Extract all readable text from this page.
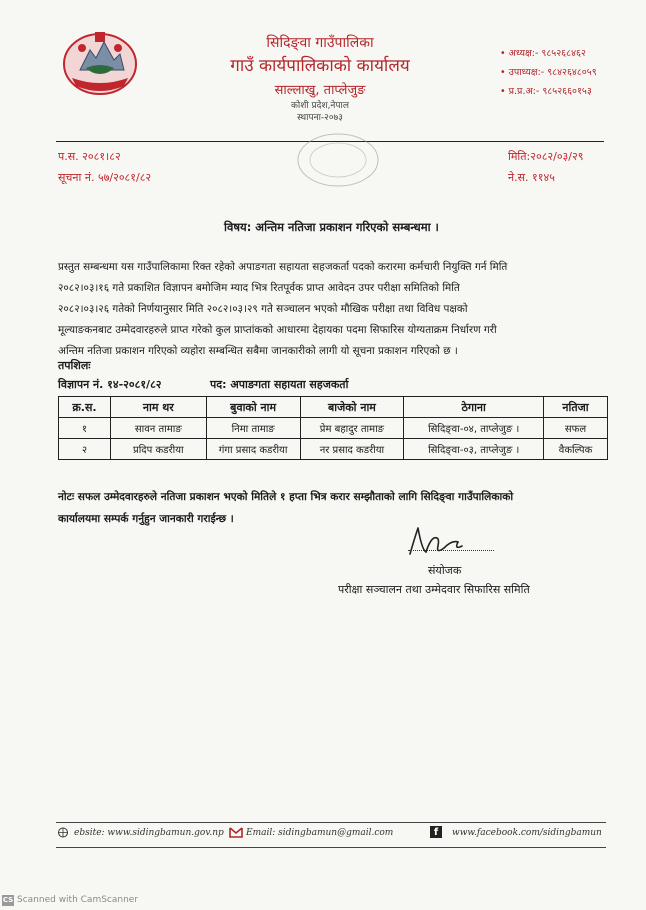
सिदिङ्वा गाउँपालिका
गाउँ कार्यपालिकाको कार्यालय
साल्लाखु, ताप्लेजुङ
कोशी प्रदेश,नेपाल
स्थापना-२०७३
• अध्यक्ष:- ९८५२६८४६२
• उपाध्यक्ष:- ९८४२६४८०५९
• प्र.प्र.अ:- ९८५२६६०१५३
प.स. २०८१।८२
सूचना नं. ५७/२०८१/८२
मिति:२०८२/०३/२९
ने.स. ११४५
विषय: अन्तिम नतिजा प्रकाशन गरिएको सम्बन्धमा ।
प्रस्तुत सम्बन्धमा यस गाउँपालिकामा रिक्त रहेको अपाङगता सहायता सहजकर्ता पदको करारमा कर्मचारी नियुक्ति गर्न मिति
२०८२।०३।१६ गते प्रकाशित विज्ञापन बमोजिम म्याद भित्र रितपूर्वक प्राप्त आवेदन उपर परीक्षा समितिको मिति
२०८२।०३।२६ गतेको निर्णयानुसार मिति २०८२।०३।२९ गते सञ्चालन भएको मौखिक परीक्षा तथा विविध पक्षको
मूल्याङकनबाट उम्मेदवारहरुले प्राप्त गरेको कुल प्राप्तांकको आधारमा देहायका पदमा सिफारिस योग्यताक्रम निर्धारण गरी
अन्तिम नतिजा प्रकाशन गरिएको व्यहोरा सम्बन्धित सबैमा जानकारीको लागी यो सूचना प्रकाशन गरिएको छ ।
तपशिलः
विज्ञापन नं. १४-२०८१/८२	पद: अपाङगता सहायता सहजकर्ता
क्र.स.	नाम थर	बुवाको नाम	बाजेको नाम	ठेगाना	नतिजा
१	सावन तामाङ	निमा तामाङ	प्रेम बहादुर तामाङ	सिदिङ्वा-०४, ताप्लेजुङ ।	सफल
२	प्रदिप कडरीया	गंगा प्रसाद कडरीया	नर प्रसाद कडरीया	सिदिङ्वा-०३, ताप्लेजुङ ।	वैकल्पिक
नोटः सफल उम्मेदवारहरुले नतिजा प्रकाशन भएको मितिले १ हप्ता भित्र करार सम्झौताको लागि सिदिङ्वा गाउँपालिकाको
कार्यालयमा सम्पर्क गर्नुहुन जानकारी गराईन्छ ।
संयोजक
परीक्षा सञ्चालन तथा उम्मेदवार सिफारिस समिति
ebsite: www.sidingbamun.gov.np Email: sidingbamun@gmail.com	www.facebook.com/sidingbamun
f
CS Scanned with CamScanner
